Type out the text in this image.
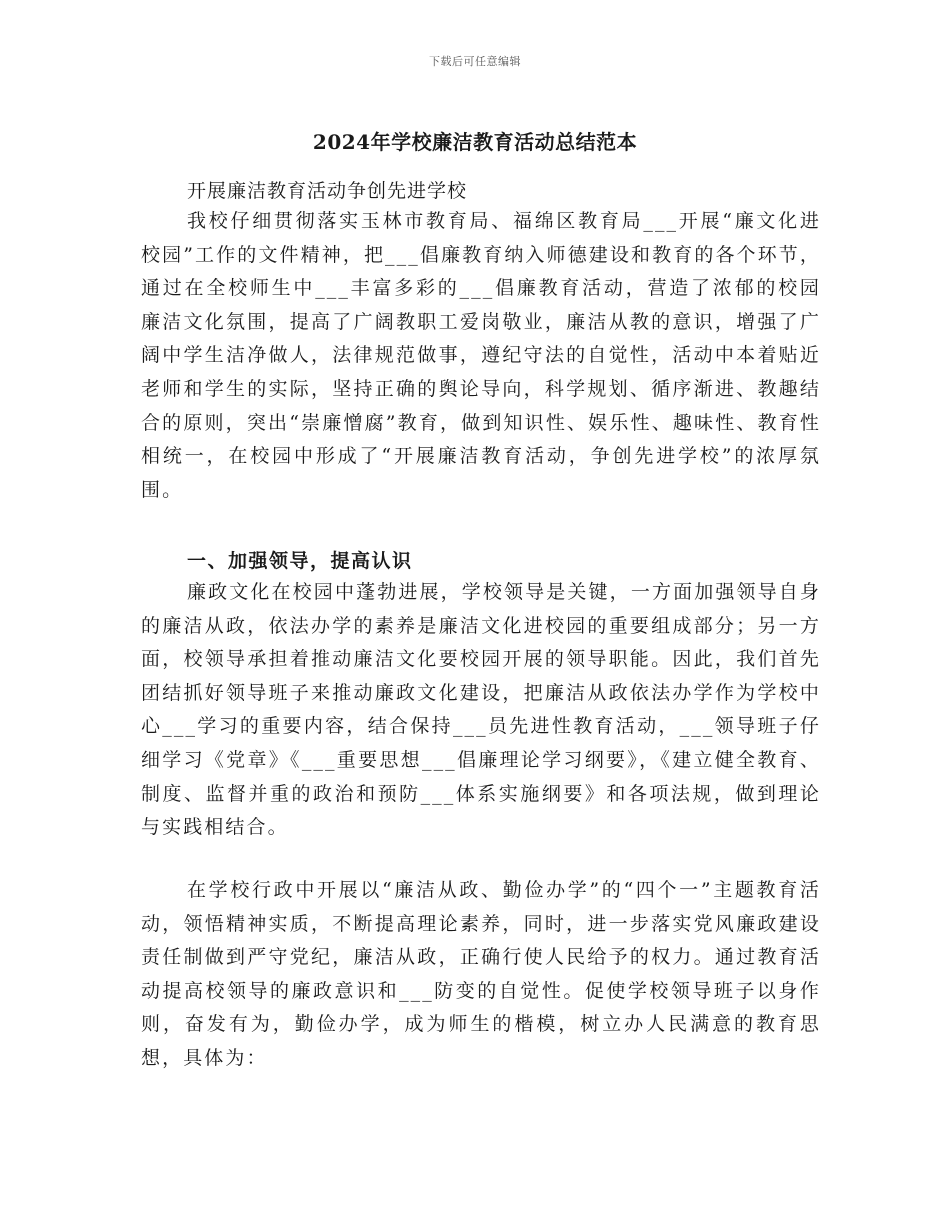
下载后可任意编辑
2024年学校廉洁教育活动总结范本
开展廉洁教育活动争创先进学校

我校仔细贯彻落实玉林市教育局、福绵区教育局___开展“廉文化进校园”工作的文件精神，把___倡廉教育纳入师德建设和教育的各个环节，通过在全校师生中___丰富多彩的___倡廉教育活动，营造了浓郁的校园廉洁文化氛围，提高了广阔教职工爱岗敬业，廉洁从教的意识，增强了广阔中学生洁净做人，法律规范做事，遵纪守法的自觉性，活动中本着贴近老师和学生的实际，坚持正确的舆论导向，科学规划、循序渐进、教趣结合的原则，突出“崇廉憎腐”教育，做到知识性、娱乐性、趣味性、教育性相统一，在校园中形成了“开展廉洁教育活动，争创先进学校”的浓厚氛围。

一、加强领导，提高认识

廉政文化在校园中蓬勃进展，学校领导是关键，一方面加强领导自身的廉洁从政，依法办学的素养是廉洁文化进校园的重要组成部分；另一方面，校领导承担着推动廉洁文化要校园开展的领导职能。因此，我们首先团结抓好领导班子来推动廉政文化建设，把廉洁从政依法办学作为学校中心___学习的重要内容，结合保持___员先进性教育活动，___领导班子仔细学习《党章》《___重要思想___倡廉理论学习纲要》，《建立健全教育、制度、监督并重的政治和预防___体系实施纲要》和各项法规，做到理论与实践相结合。

在学校行政中开展以“廉洁从政、勤俭办学”的“四个一”主题教育活动，领悟精神实质，不断提高理论素养，同时，进一步落实党风廉政建设责任制做到严守党纪，廉洁从政，正确行使人民给予的权力。通过教育活动提高校领导的廉政意识和___防变的自觉性。促使学校领导班子以身作则，奋发有为，勤俭办学，成为师生的楷模，树立办人民满意的教育思想，具体为：
